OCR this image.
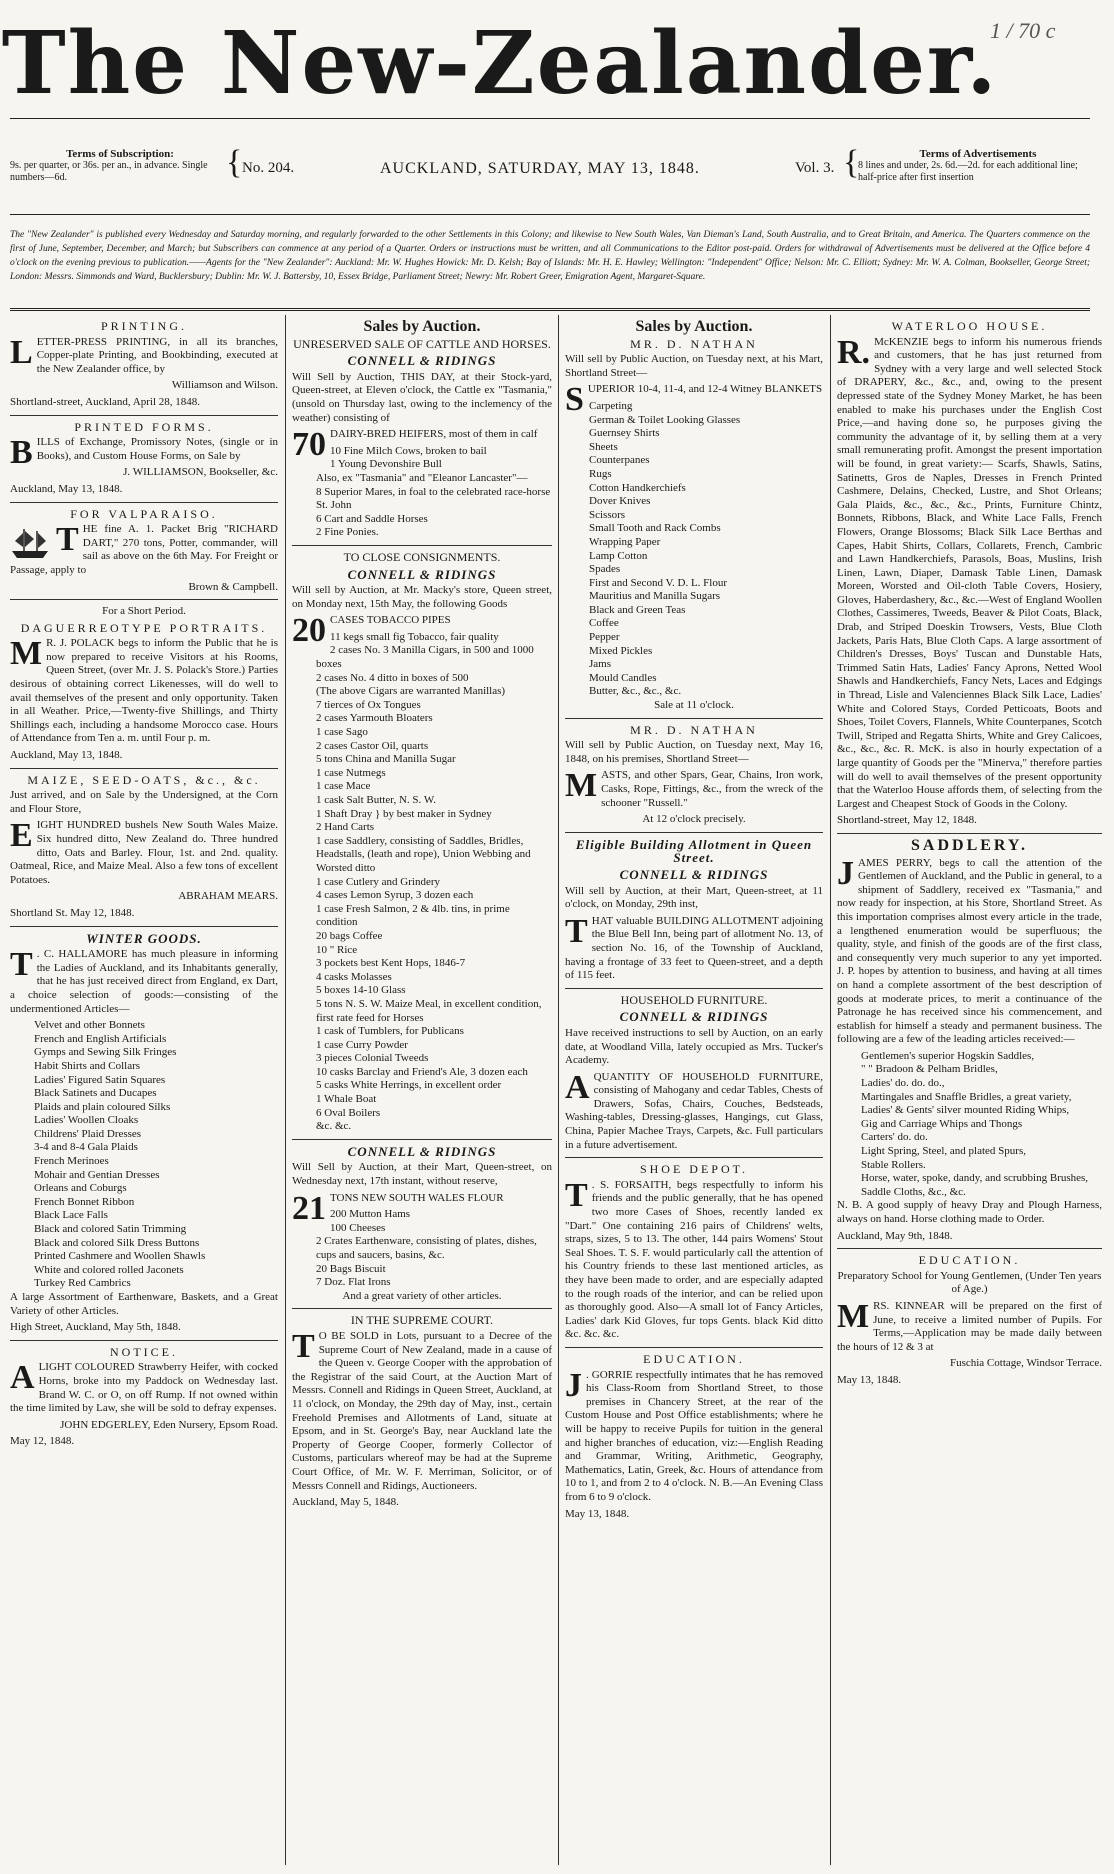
The New-Zealander.
1 / 70 c
Terms of Subscription:
9s. per quarter, or 36s. per an., in advance. Single numbers—6d.	{ No. 204.	AUCKLAND, SATURDAY, MAY 13, 1848.	Vol. 3. {	Terms of Advertisements
8 lines and under, 2s. 6d.—2d. for each additional line; half-price after first insertion
The "New Zealander" is published every Wednesday and Saturday morning, and regularly forwarded to the other Settlements in this Colony; and likewise to New South Wales, Van Dieman's Land, South Australia, and to Great Britain, and America. The Quarters commence on the first of June, September, December, and March; but Subscribers can commence at any period of a Quarter. Orders or instructions must be written, and all Communications to the Editor post-paid. Orders for withdrawal of Advertisements must be delivered at the Office before 4 o'clock on the evening previous to publication.——Agents for the "New Zealander": Auckland: Mr. W. Hughes Howick: Mr. D. Kelsh; Bay of Islands: Mr. H. E. Hawley; Wellington: "Independent" Office; Nelson: Mr. C. Elliott; Sydney: Mr. W. A. Colman, Bookseller, George Street; London: Messrs. Simmonds and Ward, Bucklersbury; Dublin: Mr. W. J. Battersby, 10, Essex Bridge, Parliament Street; Newry: Mr. Robert Greer, Emigration Agent, Margaret-Square.
PRINTING.

LETTER-PRESS PRINTING, in all its branches, Copper-plate Printing, and Bookbinding, executed at the New Zealander office, by

Williamson and Wilson.

Shortland-street, Auckland, April 28, 1848.

PRINTED FORMS.

BILLS of Exchange, Promissory Notes, (single or in Books), and Custom House Forms, on Sale by

J. WILLIAMSON, Bookseller, &c.

Auckland, May 13, 1848.

FOR VALPARAISO.

THE fine A. 1. Packet Brig "RICHARD DART," 270 tons, Potter, commander, will sail as above on the 6th May. For Freight or Passage, apply to

Brown & Campbell.

For a Short Period.

DAGUERREOTYPE PORTRAITS.

M R. J. POLACK begs to inform the Public that he is now prepared to receive Visitors at his Rooms, Queen Street, (over Mr. J. S. Polack's Store.) Parties desirous of obtaining correct Likenesses, will do well to avail themselves of the present and only opportunity. Taken in all Weather. Price,—Twenty-five Shillings, and Thirty Shillings each, including a handsome Morocco case. Hours of Attendance from Ten a. m. until Four p. m.

Auckland, May 13, 1848.

MAIZE, SEED-OATS, &c., &c.

Just arrived, and on Sale by the Undersigned, at the Corn and Flour Store,

EIGHT HUNDRED bushels New South Wales Maize. Six hundred ditto, New Zealand do. Three hundred ditto, Oats and Barley. Flour, 1st. and 2nd. quality. Oatmeal, Rice, and Maize Meal. Also a few tons of excellent Potatoes.

ABRAHAM MEARS.

Shortland St. May 12, 1848.

WINTER GOODS.

T . C. HALLAMORE has much pleasure in informing the Ladies of Auckland, and its Inhabitants generally, that he has just received direct from England, ex Dart, a choice selection of goods:—consisting of the undermentioned Articles—

Velvet and other Bonnets
French and English Artificials
Gymps and Sewing Silk Fringes
Habit Shirts and Collars
Ladies' Figured Satin Squares
Black Satinets and Ducapes
Plaids and plain coloured Silks
Ladies' Woollen Cloaks
Childrens' Plaid Dresses
3-4 and 8-4 Gala Plaids
French Merinoes
Mohair and Gentian Dresses
Orleans and Coburgs
French Bonnet Ribbon
Black Lace Falls
Black and colored Satin Trimming
Black and colored Silk Dress Buttons
Printed Cashmere and Woollen Shawls
White and colored rolled Jaconets
Turkey Red Cambrics

A large Assortment of Earthenware, Baskets, and a Great Variety of other Articles.

High Street, Auckland, May 5th, 1848.

NOTICE.

ALIGHT COLOURED Strawberry Heifer, with cocked Horns, broke into my Paddock on Wednesday last. Brand W. C. or O, on off Rump. If not owned within the time limited by Law, she will be sold to defray expenses.

JOHN EDGERLEY, Eden Nursery, Epsom Road.

May 12, 1848.

Sales by Auction.

UNRESERVED SALE OF CATTLE AND HORSES.

CONNELL & RIDINGS

Will Sell by Auction, THIS DAY, at their Stock-yard, Queen-street, at Eleven o'clock, the Cattle ex "Tasmania," (unsold on Thursday last, owing to the inclemency of the weather) consisting of

70 DAIRY-BRED HEIFERS, most of them in calf

10 Fine Milch Cows, broken to bail
1 Young Devonshire Bull
Also, ex "Tasmania" and "Eleanor Lancaster"—
8 Superior Mares, in foal to the celebrated race-horse St. John
6 Cart and Saddle Horses
2 Fine Ponies.

TO CLOSE CONSIGNMENTS.

CONNELL & RIDINGS

Will sell by Auction, at Mr. Macky's store, Queen street, on Monday next, 15th May, the following Goods

20 CASES TOBACCO PIPES

11 kegs small fig Tobacco, fair quality
2 cases No. 3 Manilla Cigars, in 500 and 1000 boxes
2 cases No. 4 ditto in boxes of 500
(The above Cigars are warranted Manillas)
7 tierces of Ox Tongues
2 cases Yarmouth Bloaters
1 case Sago
2 cases Castor Oil, quarts
5 tons China and Manilla Sugar
1 case Nutmegs
1 case Mace
1 cask Salt Butter, N. S. W.
1 Shaft Dray } by best maker in Sydney
2 Hand Carts
1 case Saddlery, consisting of Saddles, Bridles, Headstalls, (leath and rope), Union Webbing and Worsted ditto
1 case Cutlery and Grindery
4 cases Lemon Syrup, 3 dozen each
1 case Fresh Salmon, 2 & 4lb. tins, in prime condition
20 bags Coffee
10 " Rice
3 pockets best Kent Hops, 1846-7
4 casks Molasses
5 boxes 14-10 Glass
5 tons N. S. W. Maize Meal, in excellent condition, first rate feed for Horses
1 cask of Tumblers, for Publicans
1 case Curry Powder
3 pieces Colonial Tweeds
10 casks Barclay and Friend's Ale, 3 dozen each
5 casks White Herrings, in excellent order
1 Whale Boat
6 Oval Boilers
&c. &c.
CONNELL & RIDINGS

Will Sell by Auction, at their Mart, Queen-street, on Wednesday next, 17th instant, without reserve,

21 TONS NEW SOUTH WALES FLOUR

200 Mutton Hams
100 Cheeses
2 Crates Earthenware, consisting of plates, dishes, cups and saucers, basins, &c.
20 Bags Biscuit
7 Doz. Flat Irons

And a great variety of other articles.

IN THE SUPREME COURT.

T O BE SOLD in Lots, pursuant to a Decree of the Supreme Court of New Zealand, made in a cause of the Queen v. George Cooper with the approbation of the Registrar of the said Court, at the Auction Mart of Messrs. Connell and Ridings in Queen Street, Auckland, at 11 o'clock, on Monday, the 29th day of May, inst., certain Freehold Premises and Allotments of Land, situate at Epsom, and in St. George's Bay, near Auckland late the Property of George Cooper, formerly Collector of Customs, particulars whereof may be had at the Supreme Court Office, of Mr. W. F. Merriman, Solicitor, or of Messrs Connell and Ridings, Auctioneers.

Auckland, May 5, 1848.

Sales by Auction.
MR. D. NATHAN

Will sell by Public Auction, on Tuesday next, at his Mart, Shortland Street—

SUPERIOR 10-4, 11-4, and 12-4 Witney BLANKETS

Carpeting
German & Toilet Looking Glasses
Guernsey Shirts
Sheets
Counterpanes
Rugs
Cotton Handkerchiefs
Dover Knives
Scissors
Small Tooth and Rack Combs
Wrapping Paper
Lamp Cotton
Spades
First and Second V. D. L. Flour
Mauritius and Manilla Sugars
Black and Green Teas
Coffee
Pepper
Mixed Pickles
Jams
Mould Candles
Butter, &c., &c., &c.

Sale at 11 o'clock.

MR. D. NATHAN

Will sell by Public Auction, on Tuesday next, May 16, 1848, on his premises, Shortland Street—

MASTS, and other Spars, Gear, Chains, Iron work, Casks, Rope, Fittings, &c., from the wreck of the schooner "Russell."

At 12 o'clock precisely.

Eligible Building Allotment in Queen Street.
CONNELL & RIDINGS

Will sell by Auction, at their Mart, Queen-street, at 11 o'clock, on Monday, 29th inst,

THAT valuable BUILDING ALLOTMENT adjoining the Blue Bell Inn, being part of allotment No. 13, of section No. 16, of the Township of Auckland, having a frontage of 33 feet to Queen-street, and a depth of 115 feet.

HOUSEHOLD FURNITURE.

CONNELL & RIDINGS

Have received instructions to sell by Auction, on an early date, at Woodland Villa, lately occupied as Mrs. Tucker's Academy.

AQUANTITY OF HOUSEHOLD FURNITURE, consisting of Mahogany and cedar Tables, Chests of Drawers, Sofas, Chairs, Couches, Bedsteads, Washing-tables, Dressing-glasses, Hangings, cut Glass, China, Papier Machee Trays, Carpets, &c. Full particulars in a future advertisement.

SHOE DEPOT.

T . S. FORSAITH, begs respectfully to inform his friends and the public generally, that he has opened two more Cases of Shoes, recently landed ex "Dart." One containing 216 pairs of Childrens' welts, straps, sizes, 5 to 13. The other, 144 pairs Womens' Stout Seal Shoes. T. S. F. would particularly call the attention of his Country friends to these last mentioned articles, as they have been made to order, and are especially adapted to the rough roads of the interior, and can be relied upon as thoroughly good. Also—A small lot of Fancy Articles, Ladies' dark Kid Gloves, fur tops Gents. black Kid ditto &c. &c. &c.

EDUCATION.

J . GORRIE respectfully intimates that he has removed his Class-Room from Shortland Street, to those premises in Chancery Street, at the rear of the Custom House and Post Office establishments; where he will be happy to receive Pupils for tuition in the general and higher branches of education, viz:—English Reading and Grammar, Writing, Arithmetic, Geography, Mathematics, Latin, Greek, &c. Hours of attendance from 10 to 1, and from 2 to 4 o'clock. N. B.—An Evening Class from 6 to 9 o'clock.

May 13, 1848.

WATERLOO HOUSE.

R. McKENZIE begs to inform his numerous friends and customers, that he has just returned from Sydney with a very large and well selected Stock of DRAPERY, &c., &c., and, owing to the present depressed state of the Sydney Money Market, he has been enabled to make his purchases under the English Cost Price,—and having done so, he purposes giving the community the advantage of it, by selling them at a very small remunerating profit. Amongst the present importation will be found, in great variety:— Scarfs, Shawls, Satins, Satinetts, Gros de Naples, Dresses in French Printed Cashmere, Delains, Checked, Lustre, and Shot Orleans; Gala Plaids, &c., &c., &c., Prints, Furniture Chintz, Bonnets, Ribbons, Black, and White Lace Falls, French Flowers, Orange Blossoms; Black Silk Lace Berthas and Capes, Habit Shirts, Collars, Collarets, French, Cambric and Lawn Handkerchiefs, Parasols, Boas, Muslins, Irish Linen, Lawn, Diaper, Damask Table Linen, Damask Moreen, Worsted and Oil-cloth Table Covers, Hosiery, Gloves, Haberdashery, &c., &c.—West of England Woollen Clothes, Cassimeres, Tweeds, Beaver & Pilot Coats, Black, Drab, and Striped Doeskin Trowsers, Vests, Blue Cloth Jackets, Paris Hats, Blue Cloth Caps. A large assortment of Children's Dresses, Boys' Tuscan and Dunstable Hats, Trimmed Satin Hats, Ladies' Fancy Aprons, Netted Wool Shawls and Handkerchiefs, Fancy Nets, Laces and Edgings in Thread, Lisle and Valenciennes Black Silk Lace, Ladies' White and Colored Stays, Corded Petticoats, Boots and Shoes, Toilet Covers, Flannels, White Counterpanes, Scotch Twill, Striped and Regatta Shirts, White and Grey Calicoes, &c., &c., &c. R. McK. is also in hourly expectation of a large quantity of Goods per the "Minerva," therefore parties will do well to avail themselves of the present opportunity that the Waterloo House affords them, of selecting from the Largest and Cheapest Stock of Goods in the Colony.

Shortland-street, May 12, 1848.

SADDLERY.

JAMES PERRY, begs to call the attention of the Gentlemen of Auckland, and the Public in general, to a shipment of Saddlery, received ex "Tasmania," and now ready for inspection, at his Store, Shortland Street. As this importation comprises almost every article in the trade, a lengthened enumeration would be superfluous; the quality, style, and finish of the goods are of the first class, and consequently very much superior to any yet imported. J. P. hopes by attention to business, and having at all times on hand a complete assortment of the best description of goods at moderate prices, to merit a continuance of the Patronage he has received since his commencement, and establish for himself a steady and permanent business. The following are a few of the leading articles received:—

Gentlemen's superior Hogskin Saddles,
" " Bradoon & Pelham Bridles,
Ladies' do. do. do.,
Martingales and Snaffle Bridles, a great variety,
Ladies' & Gents' silver mounted Riding Whips,
Gig and Carriage Whips and Thongs
Carters' do. do.
Light Spring, Steel, and plated Spurs,
Stable Rollers.
Horse, water, spoke, dandy, and scrubbing Brushes,
Saddle Cloths, &c., &c.

N. B. A good supply of heavy Dray and Plough Harness, always on hand. Horse clothing made to Order.

Auckland, May 9th, 1848.

EDUCATION.

Preparatory School for Young Gentlemen, (Under Ten years of Age.)

MRS. KINNEAR will be prepared on the first of June, to receive a limited number of Pupils. For Terms,—Application may be made daily between the hours of 12 & 3 at

Fuschia Cottage, Windsor Terrace.

May 13, 1848.
